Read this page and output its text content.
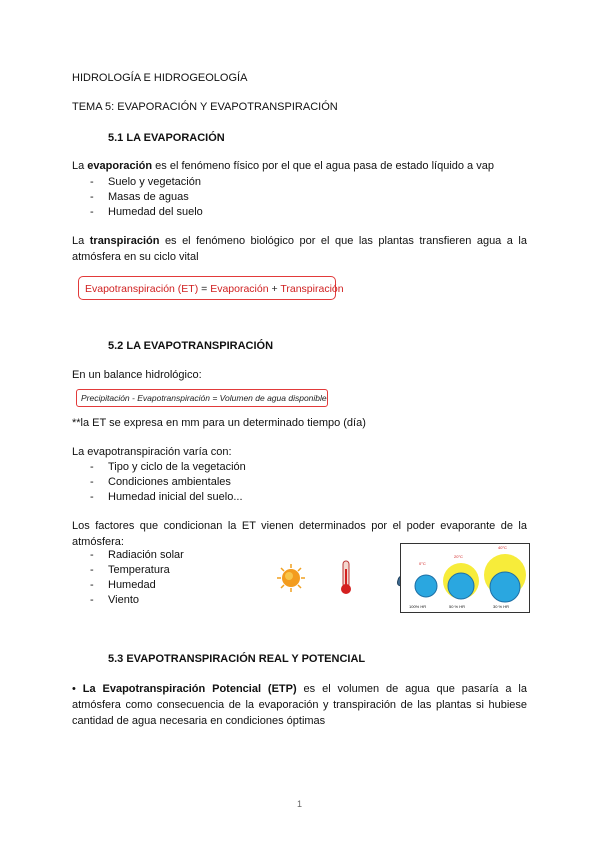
HIDROLOGÍA E HIDROGEOLOGÍA
TEMA 5: EVAPORACIÓN Y EVAPOTRANSPIRACIÓN
5.1 LA EVAPORACIÓN
La evaporación es el fenómeno físico por el que el agua pasa de estado líquido a vap
- Suelo y vegetación
- Masas de aguas
- Humedad del suelo
La transpiración es el fenómeno biológico por el que las plantas transfieren agua a la atmósfera en su ciclo vital
Evapotranspiración (ET) = Evaporación + Transpiración
5.2 LA EVAPOTRANSPIRACIÓN
En un balance hidrológico:
Precipitación - Evapotranspiración = Volumen de agua disponible
**la ET se expresa en mm para un determinado tiempo (día)
La evapotranspiración varía con:
- Tipo y ciclo de la vegetación
- Condiciones ambientales
- Humedad inicial del suelo...
Los factores que condicionan la ET vienen determinados por el poder evaporante de la atmósfera:
- Radiación solar
- Temperatura
- Humedad
- Viento
0°C
20°C
40°C
100% HR	50 % HR	30 % HR
5.3 EVAPOTRANSPIRACIÓN REAL Y POTENCIAL
• La Evapotranspiración Potencial (ETP) es el volumen de agua que pasaría a la atmósfera como consecuencia de la evaporación y transpiración de las plantas si hubiese cantidad de agua necesaria en condiciones óptimas
1
